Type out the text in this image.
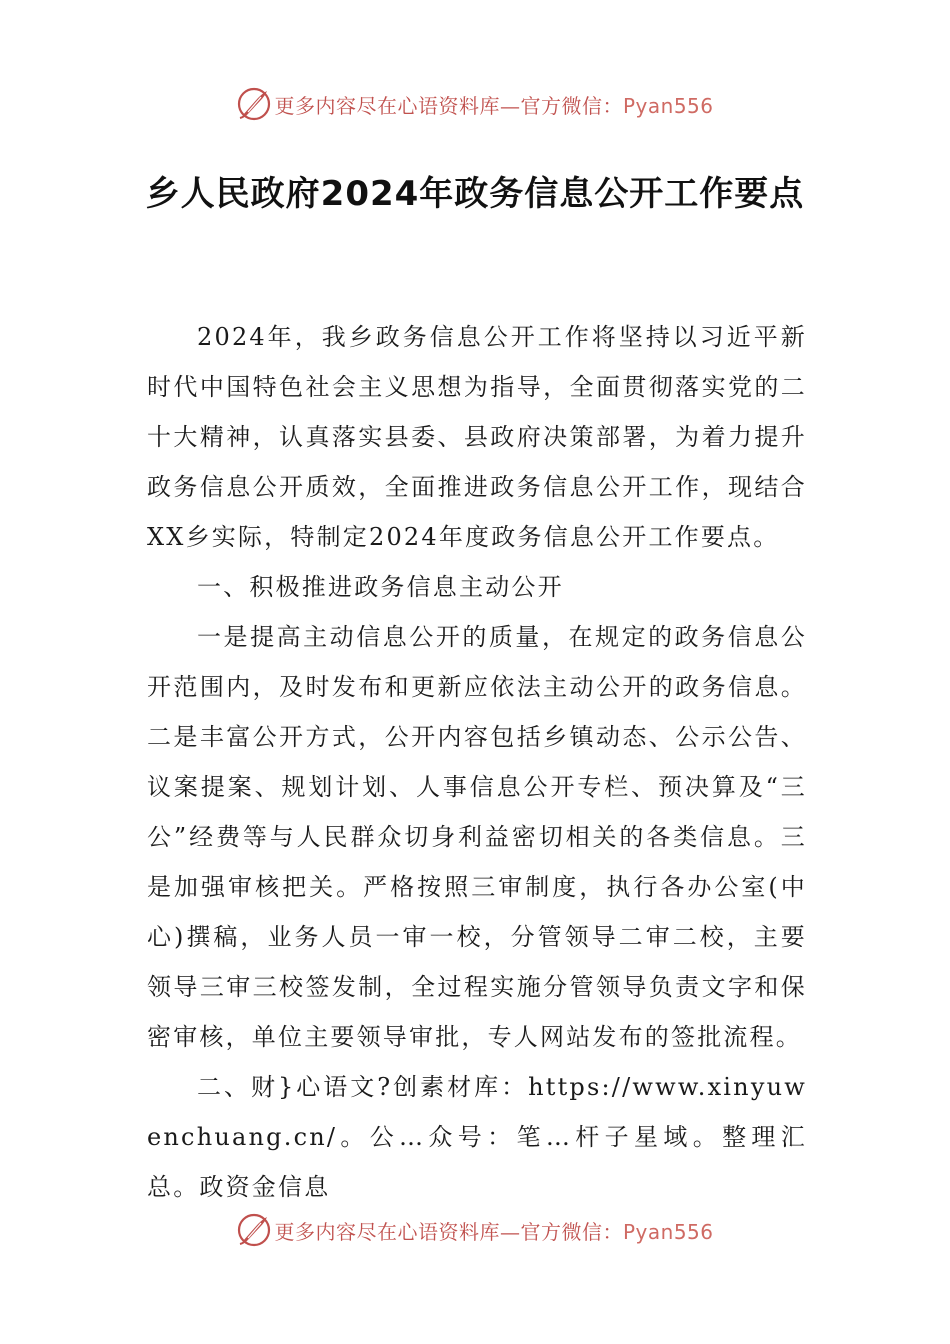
更多内容尽在心语资料库—官方微信：Pyan556
乡人民政府2024年政务信息公开工作要点

2024年，我乡政务信息公开工作将坚持以习近平新时代中国特色社会主义思想为指导，全面贯彻落实党的二十大精神，认真落实县委、县政府决策部署，为着力提升政务信息公开质效，全面推进政务信息公开工作，现结合XX乡实际，特制定2024年度政务信息公开工作要点。

一、积极推进政务信息主动公开

一是提高主动信息公开的质量，在规定的政务信息公开范围内，及时发布和更新应依法主动公开的政务信息。二是丰富公开方式，公开内容包括乡镇动态、公示公告、议案提案、规划计划、人事信息公开专栏、预决算及“三公”经费等与人民群众切身利益密切相关的各类信息。三是加强审核把关。严格按照三审制度，执行各办公室(中心)撰稿，业务人员一审一校，分管领导二审二校，主要领导三审三校签发制，全过程实施分管领导负责文字和保密审核，单位主要领导审批，专人网站发布的签批流程。

二、财}心语文?创素材库：https://www.xinyuwenchuang.cn/。公…众号：笔…杆子星域。整理汇总。政资金信息

更多内容尽在心语资料库—官方微信：Pyan556
